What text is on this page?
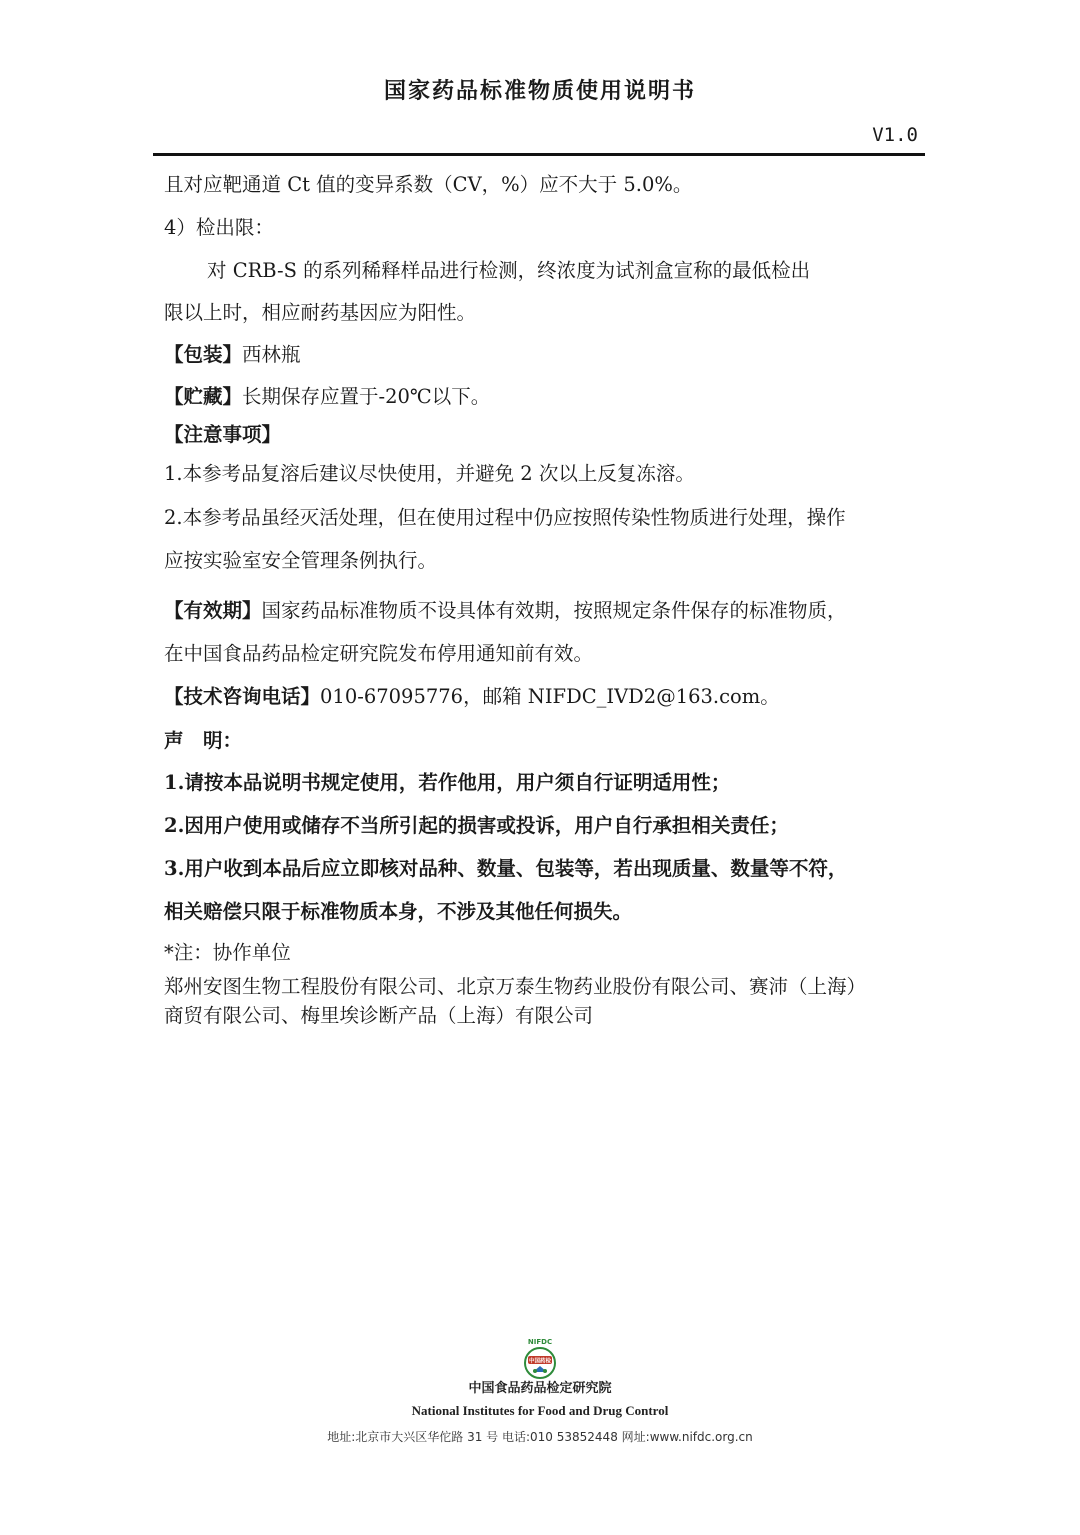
国家药品标准物质使用说明书
V1.0
且对应靶通道 Ct 值的变异系数（CV，%）应不大于 5.0%。
4）检出限：
对 CRB-S 的系列稀释样品进行检测，终浓度为试剂盒宣称的最低检出
限以上时，相应耐药基因应为阳性。
【包装】西林瓶
【贮藏】长期保存应置于-20℃以下。
【注意事项】
1.本参考品复溶后建议尽快使用，并避免 2 次以上反复冻溶。
2.本参考品虽经灭活处理，但在使用过程中仍应按照传染性物质进行处理，操作
应按实验室安全管理条例执行。
【有效期】国家药品标准物质不设具体有效期，按照规定条件保存的标准物质，
在中国食品药品检定研究院发布停用通知前有效。
【技术咨询电话】010-67095776，邮箱 NIFDC_IVD2@163.com。
声　明：
1.请按本品说明书规定使用，若作他用，用户须自行证明适用性；
2.因用户使用或储存不当所引起的损害或投诉，用户自行承担相关责任；
3.用户收到本品后应立即核对品种、数量、包装等，若出现质量、数量等不符，
相关赔偿只限于标准物质本身，不涉及其他任何损失。
*注：协作单位
郑州安图生物工程股份有限公司、北京万泰生物药业股份有限公司、赛沛（上海）
商贸有限公司、梅里埃诊断产品（上海）有限公司
NIFDC
中国药检
中国食品药品检定研究院
National Institutes for Food and Drug Control
地址:北京市大兴区华佗路 31 号 电话:010 53852448 网址:www.nifdc.org.cn
